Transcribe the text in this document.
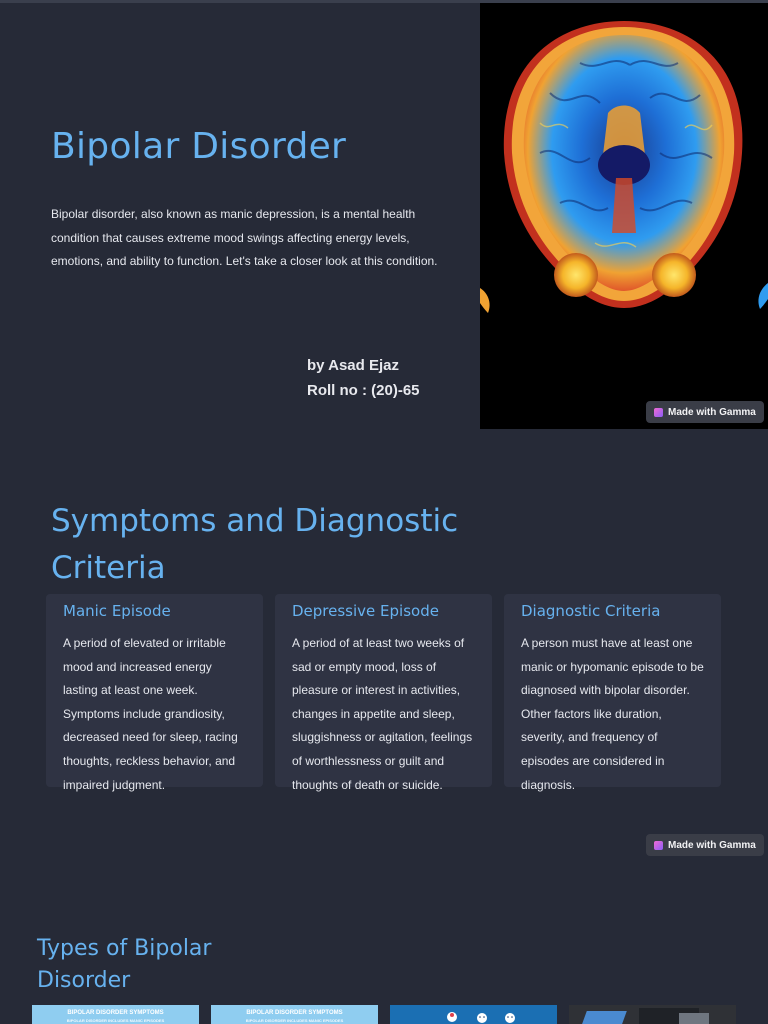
Bipolar Disorder

Bipolar disorder, also known as manic depression, is a mental health condition that causes extreme mood swings affecting energy levels, emotions, and ability to function. Let's take a closer look at this condition.

by Asad Ejaz
Roll no : (20)-65
Made with Gamma
Symptoms and Diagnostic Criteria
Manic Episode

A period of elevated or irritable mood and increased energy lasting at least one week. Symptoms include grandiosity, decreased need for sleep, racing thoughts, reckless behavior, and impaired judgment.

Depressive Episode

A period of at least two weeks of sad or empty mood, loss of pleasure or interest in activities, changes in appetite and sleep, sluggishness or agitation, feelings of worthlessness or guilt and thoughts of death or suicide.

Diagnostic Criteria

A person must have at least one manic or hypomanic episode to be diagnosed with bipolar disorder. Other factors like duration, severity, and frequency of episodes are considered in diagnosis.

Made with Gamma
Types of Bipolar Disorder
BIPOLAR DISORDER SYMPTOMS
BIPOLAR DISORDER INCLUDES MANIC EPISODES
BIPOLAR DISORDER SYMPTOMS
BIPOLAR DISORDER INCLUDES MANIC EPISODES
